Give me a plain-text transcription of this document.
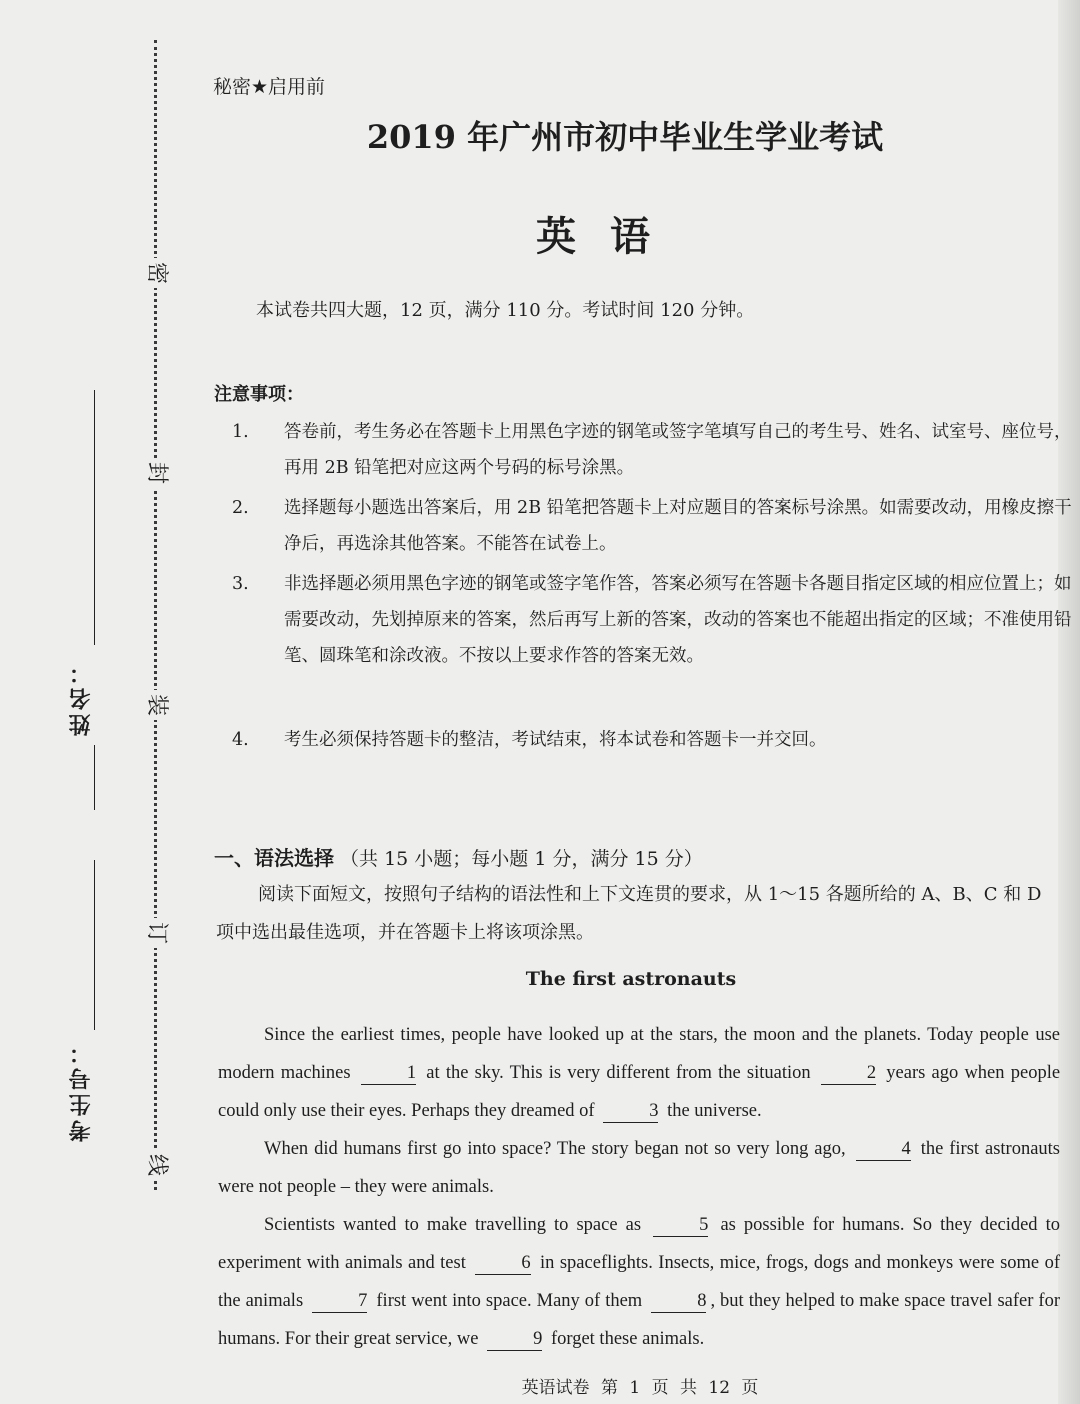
密
封
装
订
线
姓名：
考生号：
秘密★启用前
2019 年广州市初中毕业生学业考试
英语
本试卷共四大题，12 页，满分 110 分。考试时间 120 分钟。
注意事项：
1. 答卷前，考生务必在答题卡上用黑色字迹的钢笔或签字笔填写自己的考生号、姓名、试室号、座位号，再用 2B 铅笔把对应这两个号码的标号涂黑。
2. 选择题每小题选出答案后，用 2B 铅笔把答题卡上对应题目的答案标号涂黑。如需要改动，用橡皮擦干净后，再选涂其他答案。不能答在试卷上。
3. 非选择题必须用黑色字迹的钢笔或签字笔作答，答案必须写在答题卡各题目指定区域的相应位置上；如需要改动，先划掉原来的答案，然后再写上新的答案，改动的答案也不能超出指定的区域；不准使用铅笔、圆珠笔和涂改液。不按以上要求作答的答案无效。
4. 考生必须保持答题卡的整洁，考试结束，将本试卷和答题卡一并交回。
一、语法选择 （共 15 小题；每小题 1 分，满分 15 分）
阅读下面短文，按照句子结构的语法性和上下文连贯的要求，从 1～15 各题所给的 A、B、C 和 D 项中选出最佳选项，并在答题卡上将该项涂黑。
The first astronauts
Since the earliest times, people have looked up at the stars, the moon and the planets. Today people use modern machines	1 at the sky. This is very different from the situation	2 years ago when people could only use their eyes. Perhaps they dreamed of	3 the universe.
When did humans first go into space? The story began not so very long ago,	4 the first astronauts were not people – they were animals.
Scientists wanted to make travelling to space as	5 as possible for humans. So they decided to experiment with animals and test	6 in spaceflights. Insects, mice, frogs, dogs and monkeys were some of the animals	7 first went into space. Many of them	8 , but they helped to make space travel safer for humans. For their great service, we	9 forget these animals.
英语试卷 第 1 页 共 12 页
